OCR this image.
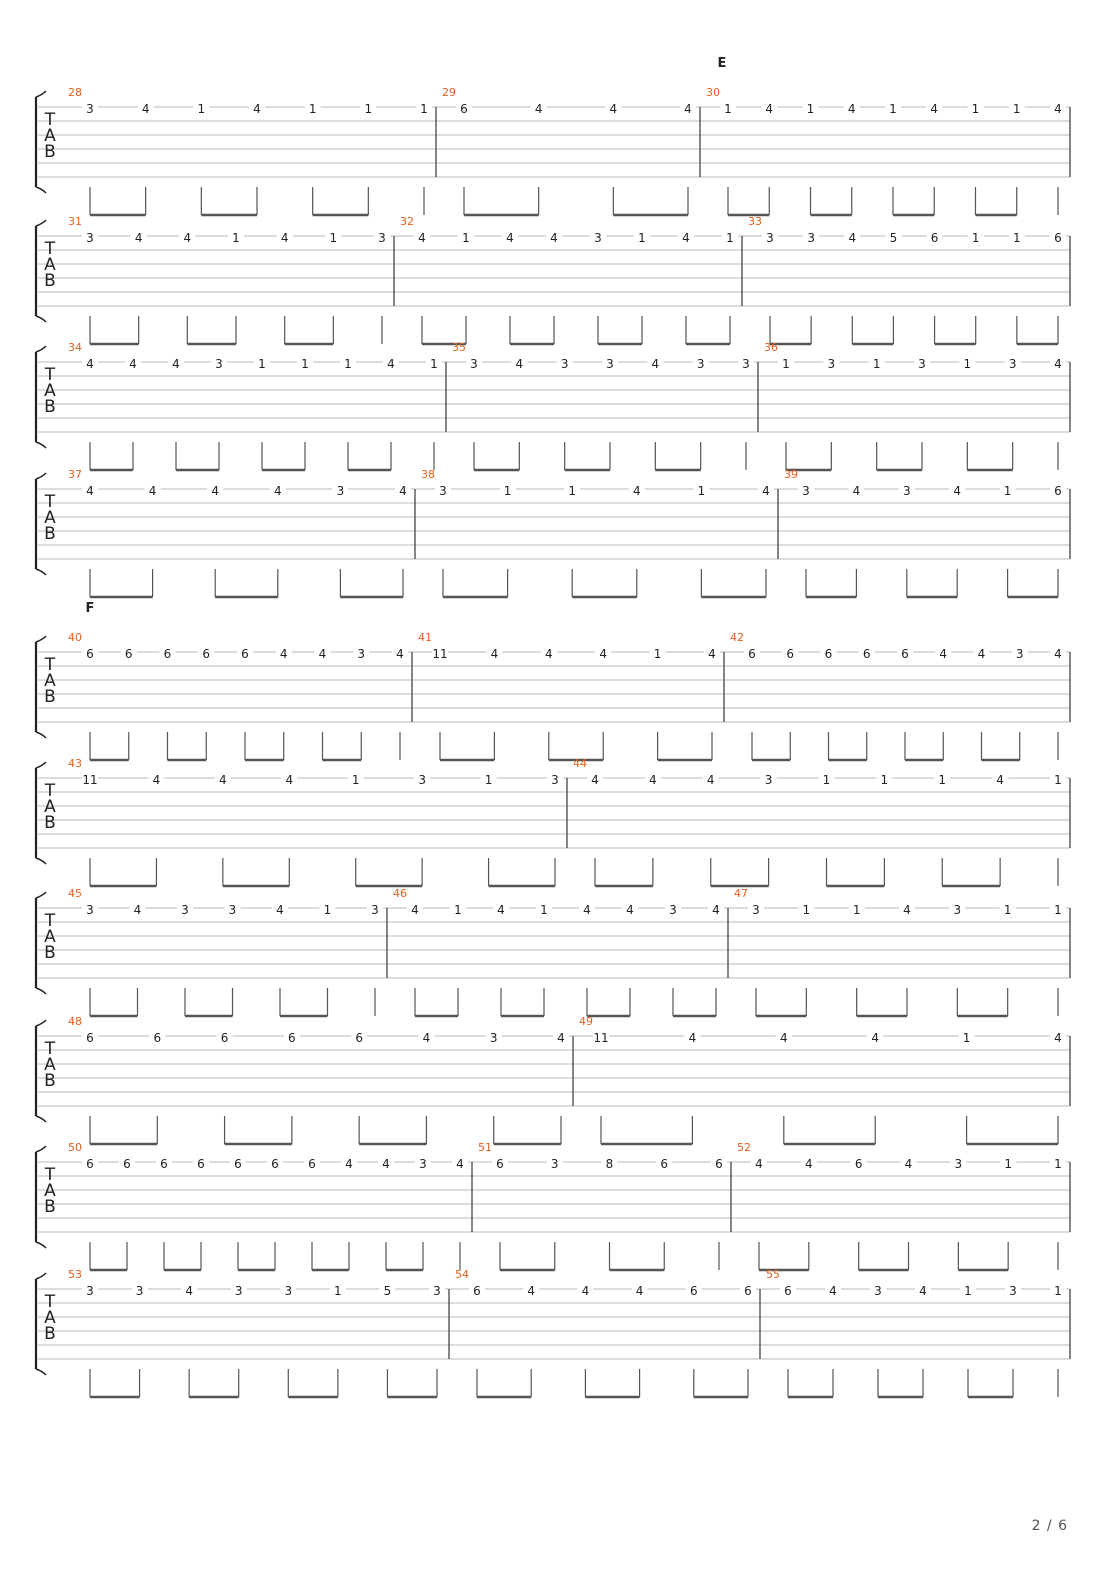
T
A
B
E
28
3	4	1	4	1	1	1
29
6	4	4	4
30
1	4	1	4	1	4	1	1	4
T
A
B
31
3	4	4	1	4	1	3
32
4	1	4	4	3	1	4	1
33
3	3	4	5	6	1	1	6
T
A
B
34
4	4	4	3	1	1	1	4	1
35
3	4	3	3	4	3	3
36
1	3	1	3	1	3	4
T
A
B
37
4	4	4	4	3	4
38
3	1	1	4	1	4
39
3	4	3	4	1	6
T
A
B
F
40
6	6	6	6	6	4	4	3	4
41
11	4	4	4	1	4
42
6	6	6	6	6	4	4	3	4
T
A
B
43
11	4	4	4	1	3	1	3
44
4	4	4	3	1	1	1	4	1
T
A
B
45
3	4	3	3	4	1	3
46
4	1	4	1	4	4	3	4
47
3	1	1	4	3	1	1
T
A
B
48
6	6	6	6	6	4	3	4
49
11	4	4	4	1	4
T
A
B
50
6 6 6 6 6 6 6 4 4 3 4
51
6	3	8	6	6
52
4	4	6	4	3	1	1
T
A
B
53
3	3	4	3	3	1	5	3
54
6	4	4	4	6	6
55
6	4	3	4	1	3	1
2 / 6
